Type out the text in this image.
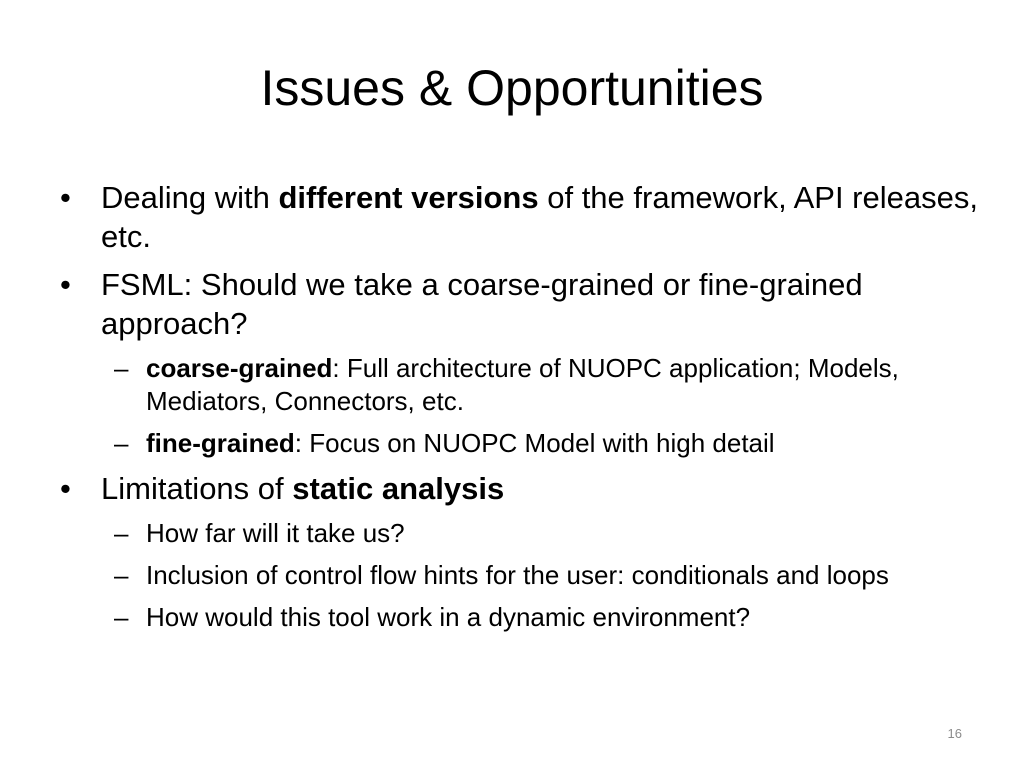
Issues & Opportunities
• Dealing with different versions of the framework, API releases, etc.
• FSML: Should we take a coarse-grained or fine-grained approach?
– coarse-grained: Full architecture of NUOPC application; Models, Mediators, Connectors, etc.
– fine-grained: Focus on NUOPC Model with high detail
• Limitations of static analysis
– How far will it take us?
– Inclusion of control flow hints for the user: conditionals and loops
– How would this tool work in a dynamic environment?
16
